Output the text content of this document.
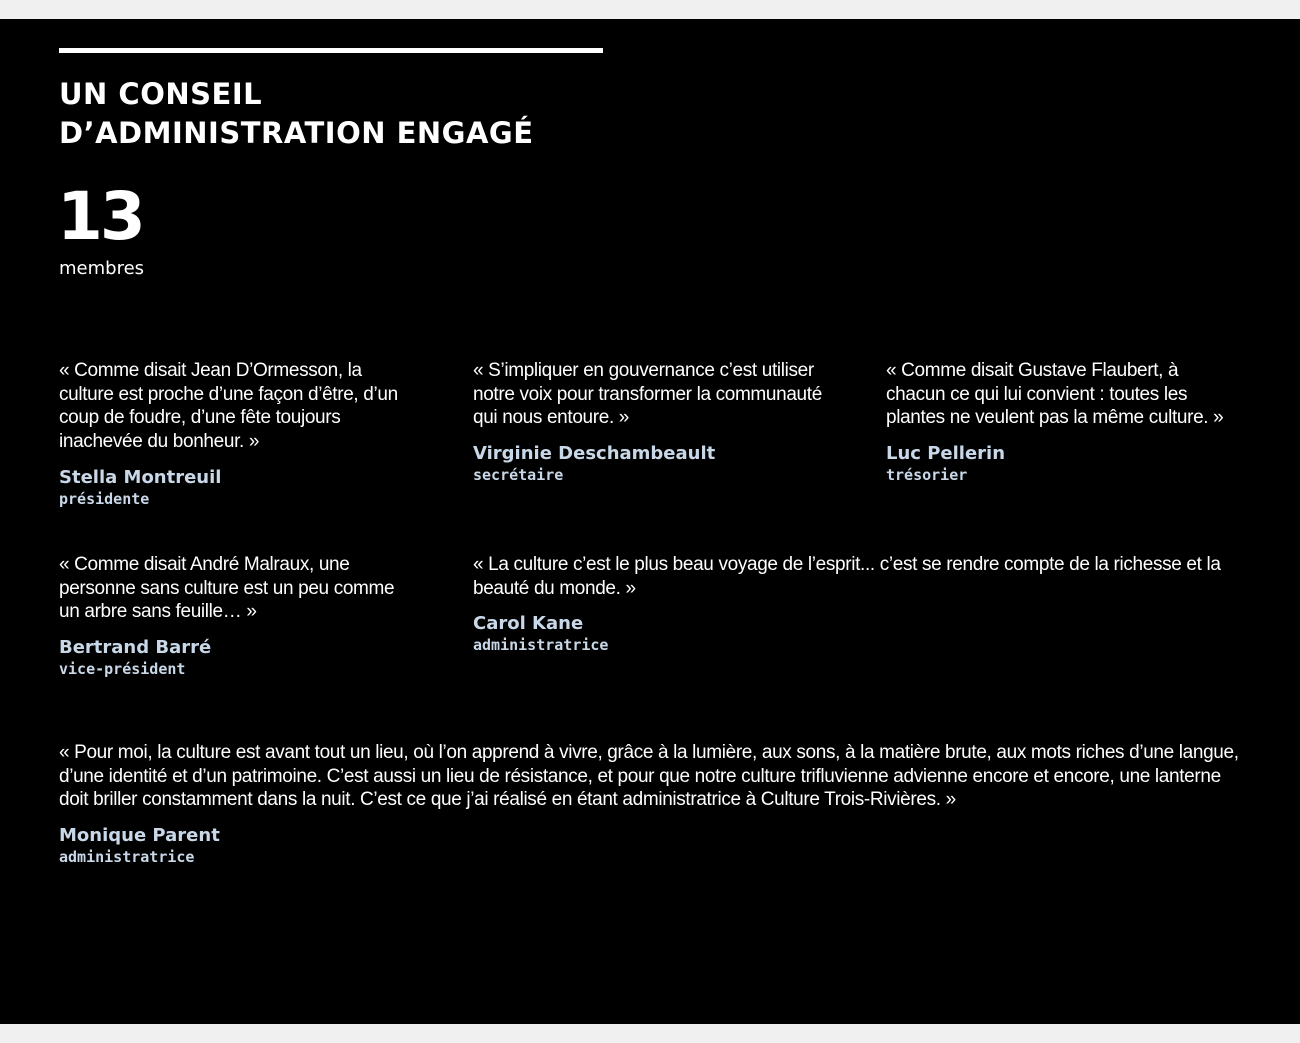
UN CONSEIL
D’ADMINISTRATION ENGAGÉ
13
membres

« Comme disait Jean D’Ormesson, la culture est proche d’une façon d’être, d’un coup de foudre, d’une fête toujours inachevée du bonheur. »

Stella Montreuil
présidente

« S’impliquer en gouvernance c’est utiliser notre voix pour transformer la communauté qui nous entoure. »

Virginie Deschambeault
secrétaire

« Comme disait Gustave Flaubert, à chacun ce qui lui convient : toutes les plantes ne veulent pas la même culture. »

Luc Pellerin
trésorier

« Comme disait André Malraux, une personne sans culture est un peu comme un arbre sans feuille… »

Bertrand Barré
vice-président

« La culture c’est le plus beau voyage de l’esprit... c’est se rendre compte de la richesse et la beauté du monde. »

Carol Kane
administratrice

« Pour moi, la culture est avant tout un lieu, où l’on apprend à vivre, grâce à la lumière, aux sons, à la matière brute, aux mots riches d’une langue, d’une identité et d’un patrimoine. C’est aussi un lieu de résistance, et pour que notre culture trifluvienne advienne encore et encore, une lanterne doit briller constamment dans la nuit. C’est ce que j’ai réalisé en étant administratrice à Culture Trois-Rivières. »

Monique Parent
administratrice
